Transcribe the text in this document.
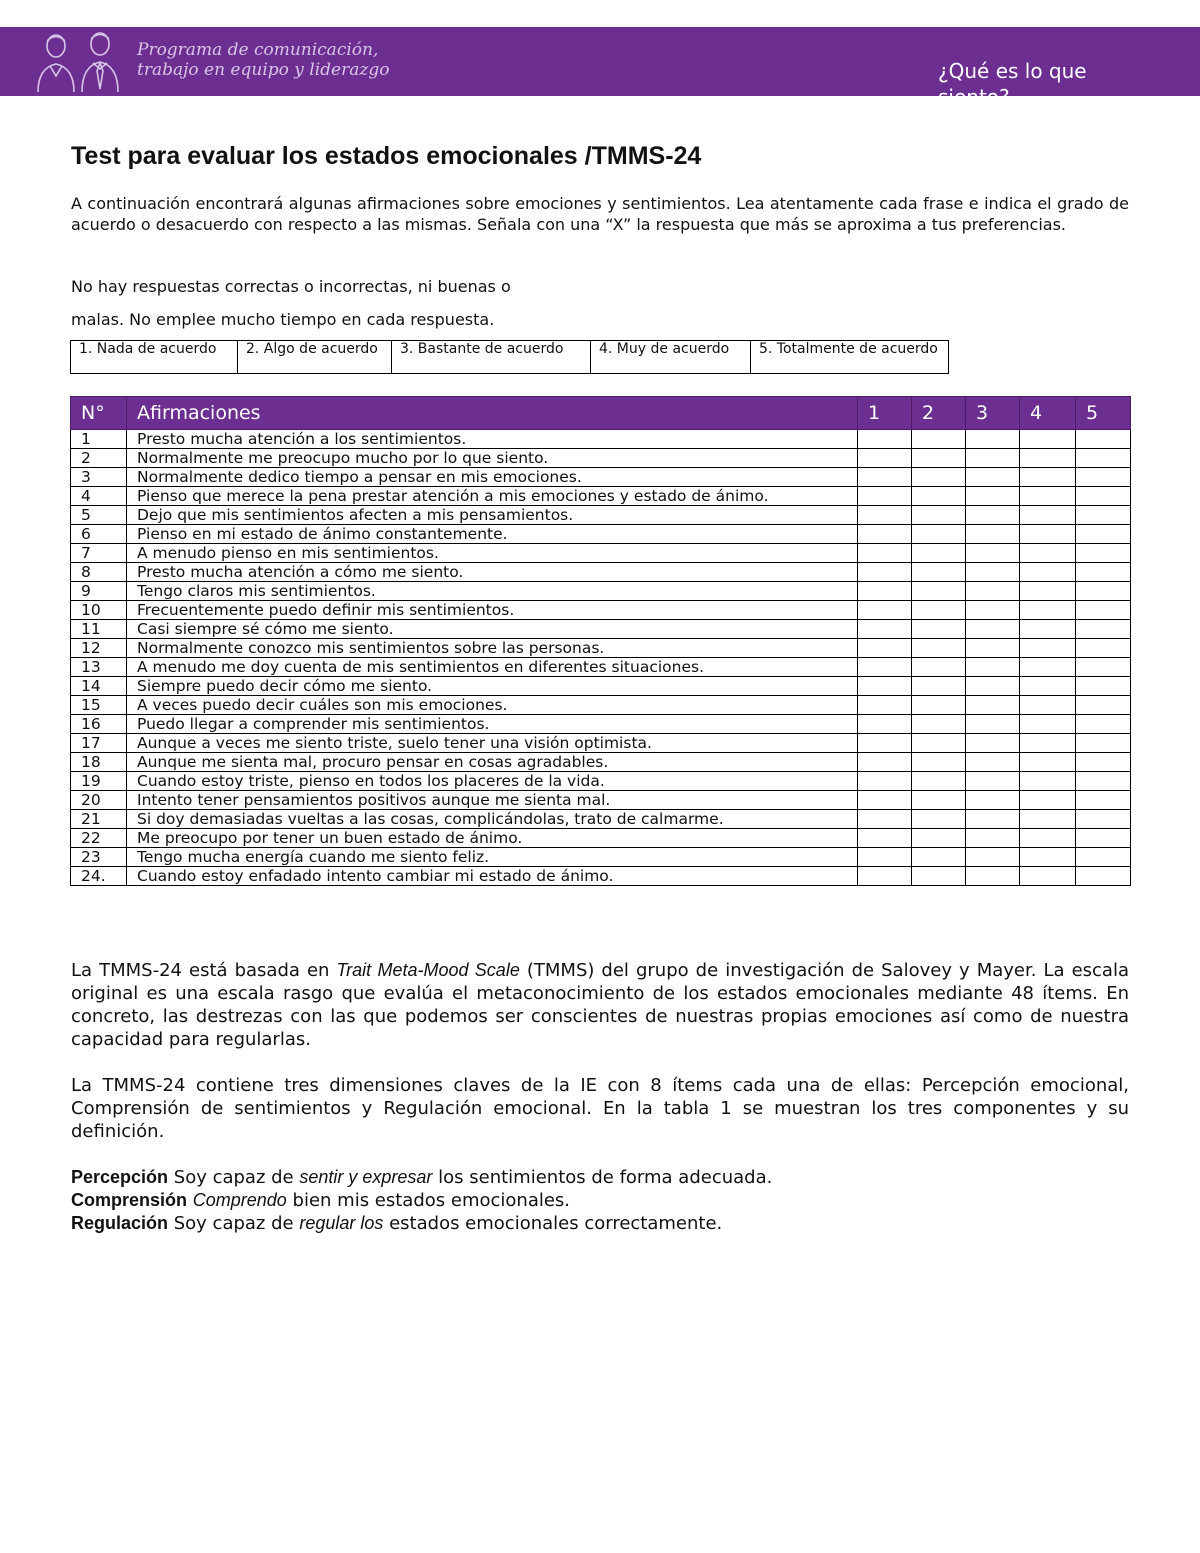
Programa de comunicación,
trabajo en equipo y liderazgo	¿Qué es lo que siento?
Test para evaluar los estados emocionales /TMMS-24

A continuación encontrará algunas afirmaciones sobre emociones y sentimientos. Lea atentamente cada frase e indica el grado de acuerdo o desacuerdo con respecto a las mismas. Señala con una “X” la respuesta que más se aproxima a tus preferencias.

No hay respuestas correctas o incorrectas, ni buenas o

malas. No emplee mucho tiempo en cada respuesta.

1. Nada de acuerdo	2. Algo de acuerdo	3. Bastante de acuerdo	4. Muy de acuerdo	5. Totalmente de acuerdo
N°	Afirmaciones	1	2	3	4	5
1	Presto mucha atención a los sentimientos.					
2	Normalmente me preocupo mucho por lo que siento.					
3	Normalmente dedico tiempo a pensar en mis emociones.					
4	Pienso que merece la pena prestar atención a mis emociones y estado de ánimo.					
5	Dejo que mis sentimientos afecten a mis pensamientos.					
6	Pienso en mi estado de ánimo constantemente.					
7	A menudo pienso en mis sentimientos.					
8	Presto mucha atención a cómo me siento.					
9	Tengo claros mis sentimientos.					
10	Frecuentemente puedo definir mis sentimientos.					
11	Casi siempre sé cómo me siento.					
12	Normalmente conozco mis sentimientos sobre las personas.					
13	A menudo me doy cuenta de mis sentimientos en diferentes situaciones.					
14	Siempre puedo decir cómo me siento.					
15	A veces puedo decir cuáles son mis emociones.					
16	Puedo llegar a comprender mis sentimientos.					
17	Aunque a veces me siento triste, suelo tener una visión optimista.					
18	Aunque me sienta mal, procuro pensar en cosas agradables.					
19	Cuando estoy triste, pienso en todos los placeres de la vida.					
20	Intento tener pensamientos positivos aunque me sienta mal.					
21	Si doy demasiadas vueltas a las cosas, complicándolas, trato de calmarme.					
22	Me preocupo por tener un buen estado de ánimo.					
23	Tengo mucha energía cuando me siento feliz.					
24.	Cuando estoy enfadado intento cambiar mi estado de ánimo.					

La TMMS-24 está basada en Trait Meta-Mood Scale (TMMS) del grupo de investigación de Salovey y Mayer. La escala original es una escala rasgo que evalúa el metaconocimiento de los estados emocionales mediante 48 ítems. En concreto, las destrezas con las que podemos ser conscientes de nuestras propias emociones así como de nuestra capacidad para regularlas.

La TMMS-24 contiene tres dimensiones claves de la IE con 8 ítems cada una de ellas: Percepción emocional, Comprensión de sentimientos y Regulación emocional. En la tabla 1 se muestran los tres componentes y su definición.

Percepción Soy capaz de sentir y expresar los sentimientos de forma adecuada.
Comprensión Comprendo bien mis estados emocionales.
Regulación Soy capaz de regular los estados emocionales correctamente.
